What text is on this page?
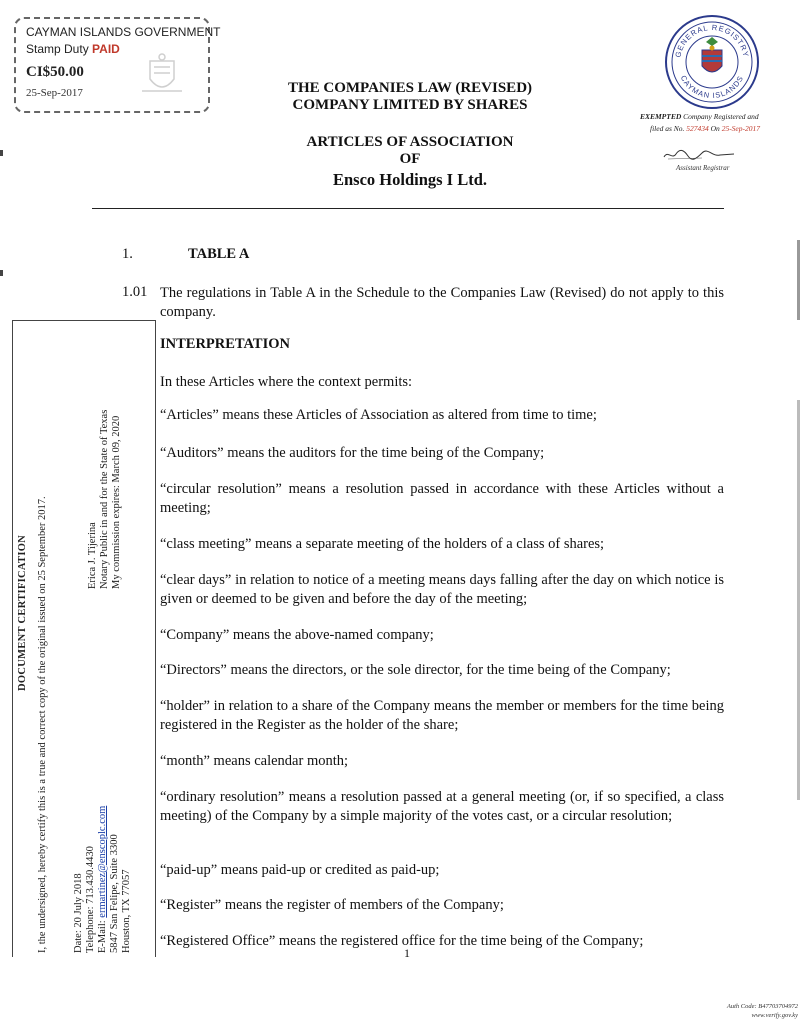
CAYMAN ISLANDS GOVERNMENT
Stamp Duty PAID
CI$50.00
25-Sep-2017	THE COMPANIES LAW (REVISED)
COMPANY LIMITED BY SHARES
ARTICLES OF ASSOCIATION
OF
Ensco Holdings I Ltd.
GENERAL REGISTRY
CAYMAN ISLANDS
EXEMPTED Company Registered and
filed as No. 527434 On 25-Sep-2017
Assistant Registrar
1.	TABLE A
1.01 The regulations in Table A in the Schedule to the Companies Law (Revised) do not apply to this company.
INTERPRETATION
In these Articles where the context permits:
“Articles” means these Articles of Association as altered from time to time;
“Auditors” means the auditors for the time being of the Company;
“circular resolution” means a resolution passed in accordance with these Articles without a meeting;
“class meeting” means a separate meeting of the holders of a class of shares;
“clear days” in relation to notice of a meeting means days falling after the day on which notice is given or deemed to be given and before the day of the meeting;
“Company” means the above-named company;
“Directors” means the directors, or the sole director, for the time being of the Company;
“holder” in relation to a share of the Company means the member or members for the time being registered in the Register as the holder of the share;
“month” means calendar month;
“ordinary resolution” means a resolution passed at a general meeting (or, if so specified, a class meeting) of the Company by a simple majority of the votes cast, or a circular resolution;
“paid-up” means paid-up or credited as paid-up;
“Register” means the register of members of the Company;
“Registered Office” means the registered office for the time being of the Company;
DOCUMENT CERTIFICATION I, the undersigned, hereby certify this is a true and correct copy of the original issued on 25 September 2017.	Erica J. Tijerina Notary Public in and for the State of Texas My commission expires: March 09, 2020
Date: 20 July 2018 Telephone: 713.430.4430 E-Mail: ermartinez@enscoplc.com 5847 San Felipe, Suite 3300 Houston, TX 77057	1
Auth Code: B47703704972
www.verify.gov.ky
